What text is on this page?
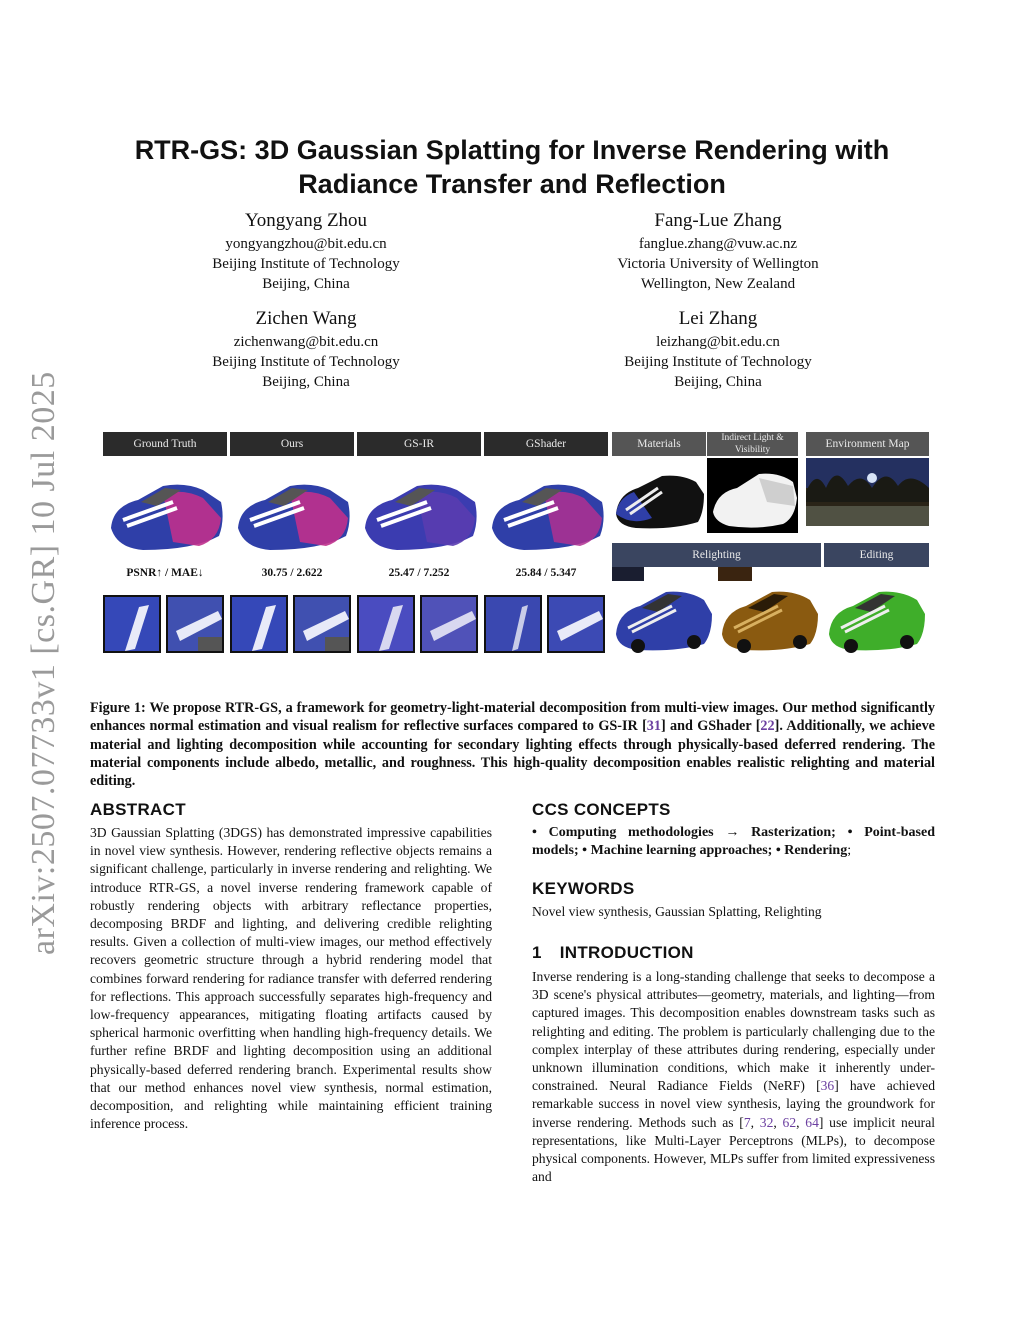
arXiv:2507.07733v1 [cs.GR] 10 Jul 2025
RTR-GS: 3D Gaussian Splatting for Inverse Rendering with
Radiance Transfer and Reflection
Yongyang Zhou
yongyangzhou@bit.edu.cn
Beijing Institute of Technology
Beijing, China
Fang-Lue Zhang
fanglue.zhang@vuw.ac.nz
Victoria University of Wellington
Wellington, New Zealand
Zichen Wang
zichenwang@bit.edu.cn
Beijing Institute of Technology
Beijing, China
Lei Zhang
leizhang@bit.edu.cn
Beijing Institute of Technology
Beijing, China
Ground Truth	Ours	GS-IR	GShader	Materials	Indirect Light &
Visibility	Environment Map
PSNR↑ / MAE↓	30.75 / 2.622	25.47 / 7.252	25.84 / 5.347
Relighting	Editing
Figure 1: We propose RTR-GS, a framework for geometry-light-material decomposition from multi-view images. Our method significantly enhances normal estimation and visual realism for reflective surfaces compared to GS-IR [31] and GShader [22]. Additionally, we achieve material and lighting decomposition while accounting for secondary lighting effects through physically-based deferred rendering. The material components include albedo, metallic, and roughness. This high-quality decomposition enables realistic relighting and material editing.
ABSTRACT
3D Gaussian Splatting (3DGS) has demonstrated impressive capabilities in novel view synthesis. However, rendering reflective objects remains a significant challenge, particularly in inverse rendering and relighting. We introduce RTR-GS, a novel inverse rendering framework capable of robustly rendering objects with arbitrary reflectance properties, decomposing BRDF and lighting, and delivering credible relighting results. Given a collection of multi-view images, our method effectively recovers geometric structure through a hybrid rendering model that combines forward rendering for radiance transfer with deferred rendering for reflections. This approach successfully separates high-frequency and low-frequency appearances, mitigating floating artifacts caused by spherical harmonic overfitting when handling high-frequency details. We further refine BRDF and lighting decomposition using an additional physically-based deferred rendering branch. Experimental results show that our method enhances novel view synthesis, normal estimation, decomposition, and relighting while maintaining efficient training inference process.
CCS CONCEPTS
• Computing methodologies → Rasterization; • Point-based models; • Machine learning approaches; • Rendering;
KEYWORDS
Novel view synthesis, Gaussian Splatting, Relighting
1 INTRODUCTION
Inverse rendering is a long-standing challenge that seeks to decompose a 3D scene's physical attributes—geometry, materials, and lighting—from captured images. This decomposition enables downstream tasks such as relighting and editing. The problem is particularly challenging due to the complex interplay of these attributes during rendering, especially under unknown illumination conditions, which make it inherently under-constrained. Neural Radiance Fields (NeRF) [36] have achieved remarkable success in novel view synthesis, laying the groundwork for inverse rendering. Methods such as [7, 32, 62, 64] use implicit neural representations, like Multi-Layer Perceptrons (MLPs), to decompose physical components. However, MLPs suffer from limited expressiveness and
